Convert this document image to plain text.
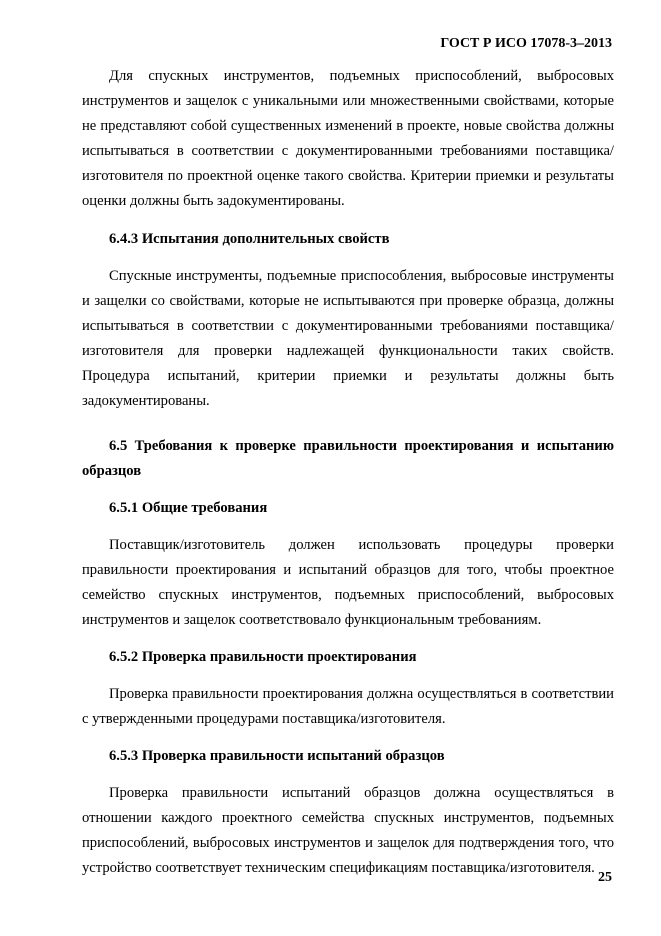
ГОСТ Р ИСО 17078-3–2013

Для спускных инструментов, подъемных приспособлений, выбросовых инструментов и защелок с уникальными или множественными свойствами, которые не представляют собой существенных изменений в проекте, новые свойства должны испытываться в соответствии с документированными требованиями поставщика/изготовителя по проектной оценке такого свойства. Критерии приемки и результаты оценки должны быть задокументированы.

6.4.3 Испытания дополнительных свойств

Спускные инструменты, подъемные приспособления, выбросовые инструменты и защелки со свойствами, которые не испытываются при проверке образца, должны испытываться в соответствии с документированными требованиями поставщика/изготовителя для проверки надлежащей функциональности таких свойств. Процедура испытаний, критерии приемки и результаты должны быть задокументированы.

6.5 Требования к проверке правильности проектирования и испытанию образцов

6.5.1 Общие требования

Поставщик/изготовитель должен использовать процедуры проверки правильности проектирования и испытаний образцов для того, чтобы проектное семейство спускных инструментов, подъемных приспособлений, выбросовых инструментов и защелок соответствовало функциональным требованиям.

6.5.2 Проверка правильности проектирования

Проверка правильности проектирования должна осуществляться в соответствии с утвержденными процедурами поставщика/изготовителя.

6.5.3 Проверка правильности испытаний образцов

Проверка правильности испытаний образцов должна осуществляться в отношении каждого проектного семейства спускных инструментов, подъемных приспособлений, выбросовых инструментов и защелок для подтверждения того, что устройство соответствует техническим спецификациям поставщика/изготовителя.

25
